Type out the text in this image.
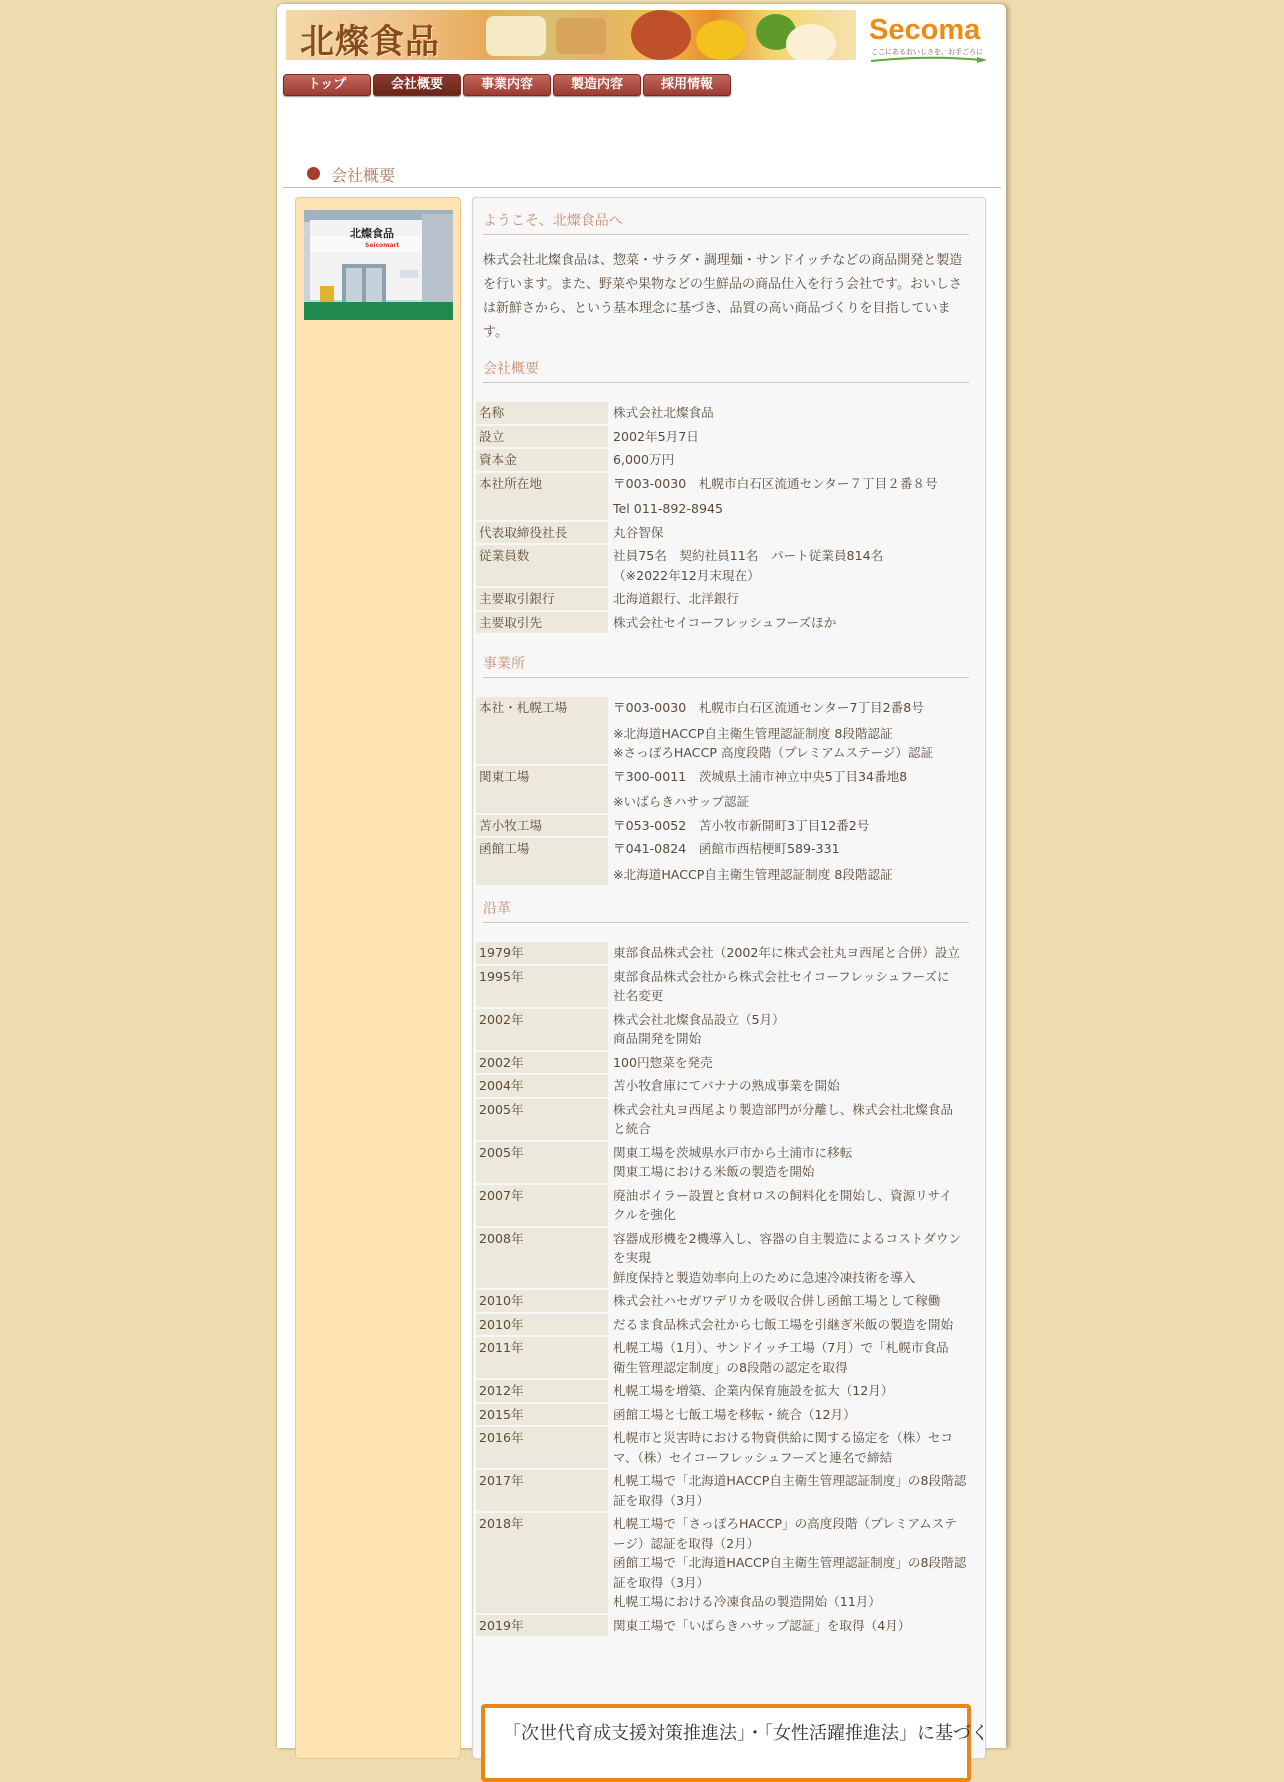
北燦食品	Secoma
ここにあるおいしさを、お手ごろに
トップ	会社概要	事業内容	製造内容	採用情報
会社概要
北燦食品
Seicomart
ようこそ、北燦食品へ

株式会社北燦食品は、惣菜・サラダ・調理麺・サンドイッチなどの商品開発と製造を行います。また、野菜や果物などの生鮮品の商品仕入を行う会社です。おいしさは新鮮さから、という基本理念に基づき、品質の高い商品づくりを目指しています。

会社概要
名称	株式会社北燦食品

設立	2002年5月7日

資本金	6,000万円

本社所在地	〒003-0030　札幌市白石区流通センター７丁目２番８号
Tel 011-892-8945

代表取締役社長	丸谷智保

従業員数	社員75名　契約社員11名　パート従業員814名
（※2022年12月末現在）

主要取引銀行	北海道銀行、北洋銀行

主要取引先	株式会社セイコーフレッシュフーズほか
事業所
本社・札幌工場	〒003-0030　札幌市白石区流通センター7丁目2番8号
※北海道HACCP自主衛生管理認証制度 8段階認証
※さっぽろHACCP 高度段階（プレミアムステージ）認証

関東工場	〒300-0011　茨城県土浦市神立中央5丁目34番地8
※いばらきハサップ認証

苫小牧工場	〒053-0052　苫小牧市新開町3丁目12番2号

函館工場	〒041-0824　函館市西桔梗町589-331
※北海道HACCP自主衛生管理認証制度 8段階認証
沿革
1979年	東部食品株式会社（2002年に株式会社丸ヨ西尾と合併）設立

1995年	東部食品株式会社から株式会社セイコーフレッシュフーズに
社名変更

2002年	株式会社北燦食品設立（5月）
商品開発を開始

2002年	100円惣菜を発売

2004年	苫小牧倉庫にてバナナの熟成事業を開始

2005年	株式会社丸ヨ西尾より製造部門が分離し、株式会社北燦食品
と統合

2005年	関東工場を茨城県水戸市から土浦市に移転
関東工場における米飯の製造を開始

2007年	廃油ボイラー設置と食材ロスの飼料化を開始し、資源リサイ
クルを強化

2008年	容器成形機を2機導入し、容器の自主製造によるコストダウン
を実現
鮮度保持と製造効率向上のために急速冷凍技術を導入

2010年	株式会社ハセガワデリカを吸収合併し函館工場として稼働

2010年	だるま食品株式会社から七飯工場を引継ぎ米飯の製造を開始

2011年	札幌工場（1月）、サンドイッチ工場（7月）で「札幌市食品
衛生管理認定制度」の8段階の認定を取得

2012年	札幌工場を増築、企業内保育施設を拡大（12月）

2015年	函館工場と七飯工場を移転・統合（12月）

2016年	札幌市と災害時における物資供給に関する協定を（株）セコ
マ、（株）セイコーフレッシュフーズと連名で締結

2017年	札幌工場で「北海道HACCP自主衛生管理認証制度」の8段階認
証を取得（3月）

2018年	札幌工場で「さっぽろHACCP」の高度段階（プレミアムステ
ージ）認証を取得（2月）
函館工場で「北海道HACCP自主衛生管理認証制度」の8段階認
証を取得（3月）
札幌工場における冷凍食品の製造開始（11月）

2019年	関東工場で「いばらきハサップ認証」を取得（4月）
「次世代育成支援対策推進法」・「女性活躍推進法」に基づく
